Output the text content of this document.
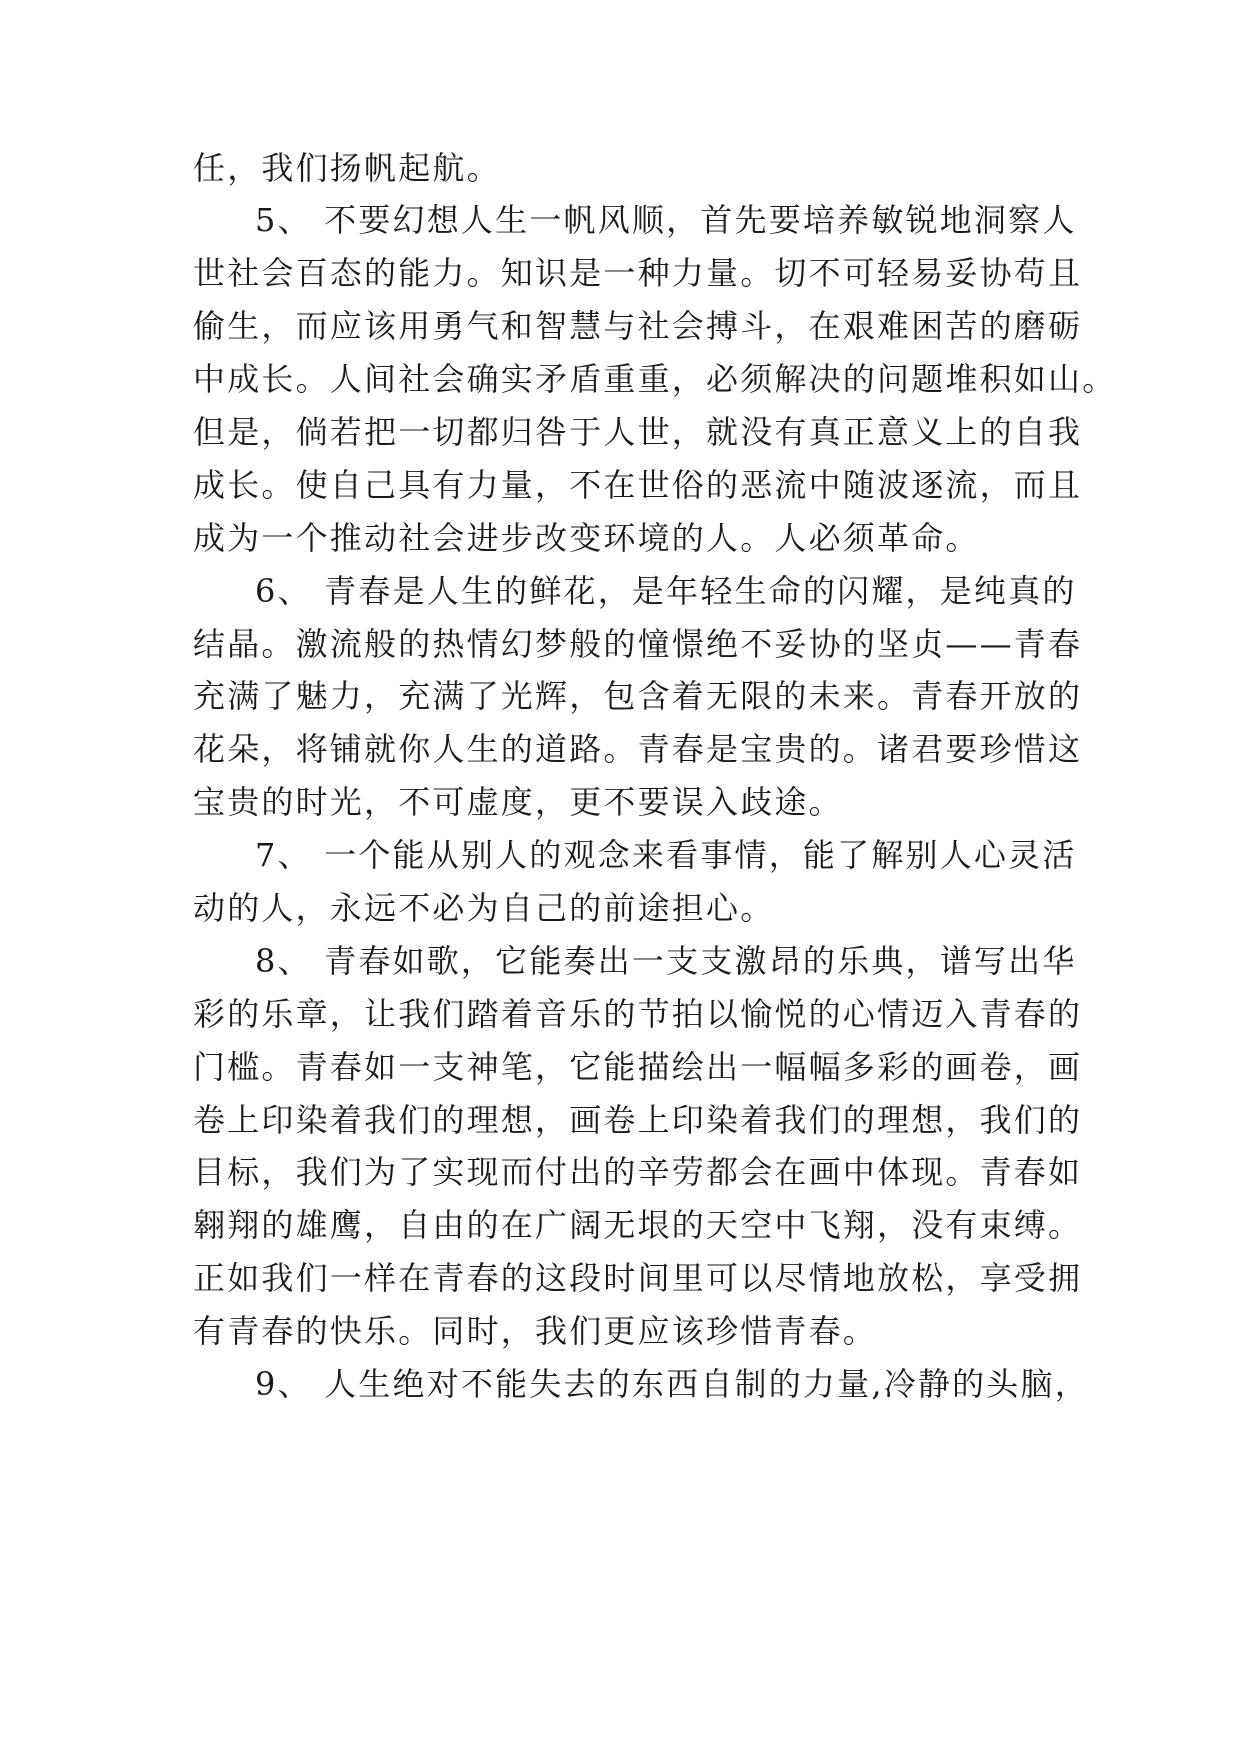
任，我们扬帆起航。
5、 不要幻想人生一帆风顺，首先要培养敏锐地洞察人
世社会百态的能力。知识是一种力量。切不可轻易妥协苟且
偷生，而应该用勇气和智慧与社会搏斗，在艰难困苦的磨砺
中成长。人间社会确实矛盾重重，必须解决的问题堆积如山。
但是，倘若把一切都归咎于人世，就没有真正意义上的自我
成长。使自己具有力量，不在世俗的恶流中随波逐流，而且
成为一个推动社会进步改变环境的人。人必须革命。
6、 青春是人生的鲜花，是年轻生命的闪耀，是纯真的
结晶。激流般的热情幻梦般的憧憬绝不妥协的坚贞——青春
充满了魅力，充满了光辉，包含着无限的未来。青春开放的
花朵，将铺就你人生的道路。青春是宝贵的。诸君要珍惜这
宝贵的时光，不可虚度，更不要误入歧途。
7、 一个能从别人的观念来看事情，能了解别人心灵活
动的人，永远不必为自己的前途担心。
8、 青春如歌，它能奏出一支支激昂的乐典，谱写出华
彩的乐章，让我们踏着音乐的节拍以愉悦的心情迈入青春的
门槛。青春如一支神笔，它能描绘出一幅幅多彩的画卷，画
卷上印染着我们的理想，画卷上印染着我们的理想，我们的
目标，我们为了实现而付出的辛劳都会在画中体现。青春如
翱翔的雄鹰，自由的在广阔无垠的天空中飞翔，没有束缚。
正如我们一样在青春的这段时间里可以尽情地放松，享受拥
有青春的快乐。同时，我们更应该珍惜青春。
9、 人生绝对不能失去的东西自制的力量,冷静的头脑，
